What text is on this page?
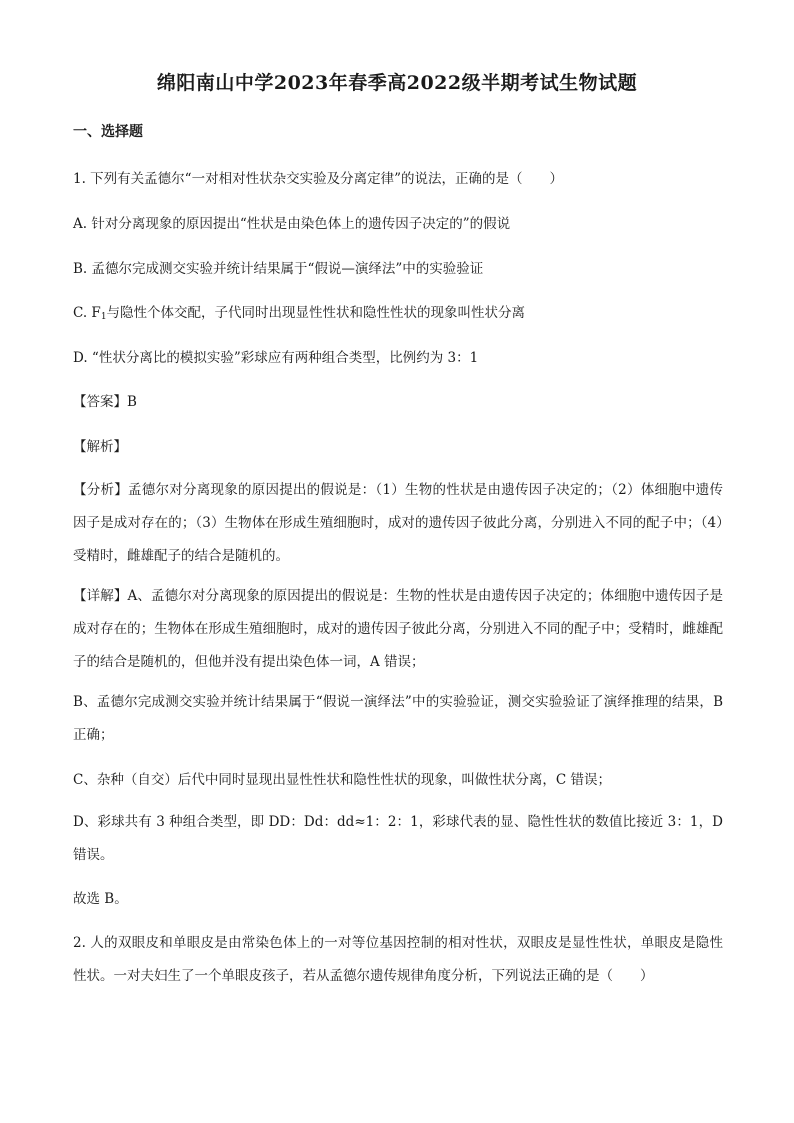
绵阳南山中学2023年春季高2022级半期考试生物试题
一、选择题
1. 下列有关孟德尔“一对相对性状杂交实验及分离定律”的说法，正确的是（　　）
A. 针对分离现象的原因提出“性状是由染色体上的遗传因子决定的”的假说
B. 孟德尔完成测交实验并统计结果属于“假说—演绎法”中的实验验证
C. $F_1$与隐性个体交配，子代同时出现显性性状和隐性性状的现象叫性状分离
D. “性状分离比的模拟实验”彩球应有两种组合类型，比例约为 3：1
【答案】B
【解析】
【分析】孟德尔对分离现象的原因提出的假说是：（1）生物的性状是由遗传因子决定的；（2）体细胞中遗传因子是成对存在的；（3）生物体在形成生殖细胞时，成对的遗传因子彼此分离，分别进入不同的配子中；（4）受精时，雌雄配子的结合是随机的。
【详解】A、孟德尔对分离现象的原因提出的假说是：生物的性状是由遗传因子决定的；体细胞中遗传因子是成对存在的；生物体在形成生殖细胞时，成对的遗传因子彼此分离，分别进入不同的配子中；受精时，雌雄配子的结合是随机的，但他并没有提出染色体一词，A 错误；
B、孟德尔完成测交实验并统计结果属于“假说一演绎法”中的实验验证，测交实验验证了演绎推理的结果，B 正确；
C、杂种（自交）后代中同时显现出显性性状和隐性性状的现象，叫做性状分离，C 错误；
D、彩球共有 3 种组合类型，即 DD：Dd：dd≈1：2：1，彩球代表的显、隐性性状的数值比接近 3：1，D 错误。
故选 B。
2. 人的双眼皮和单眼皮是由常染色体上的一对等位基因控制的相对性状，双眼皮是显性性状，单眼皮是隐性性状。一对夫妇生了一个单眼皮孩子，若从孟德尔遗传规律角度分析，下列说法正确的是（　　）
